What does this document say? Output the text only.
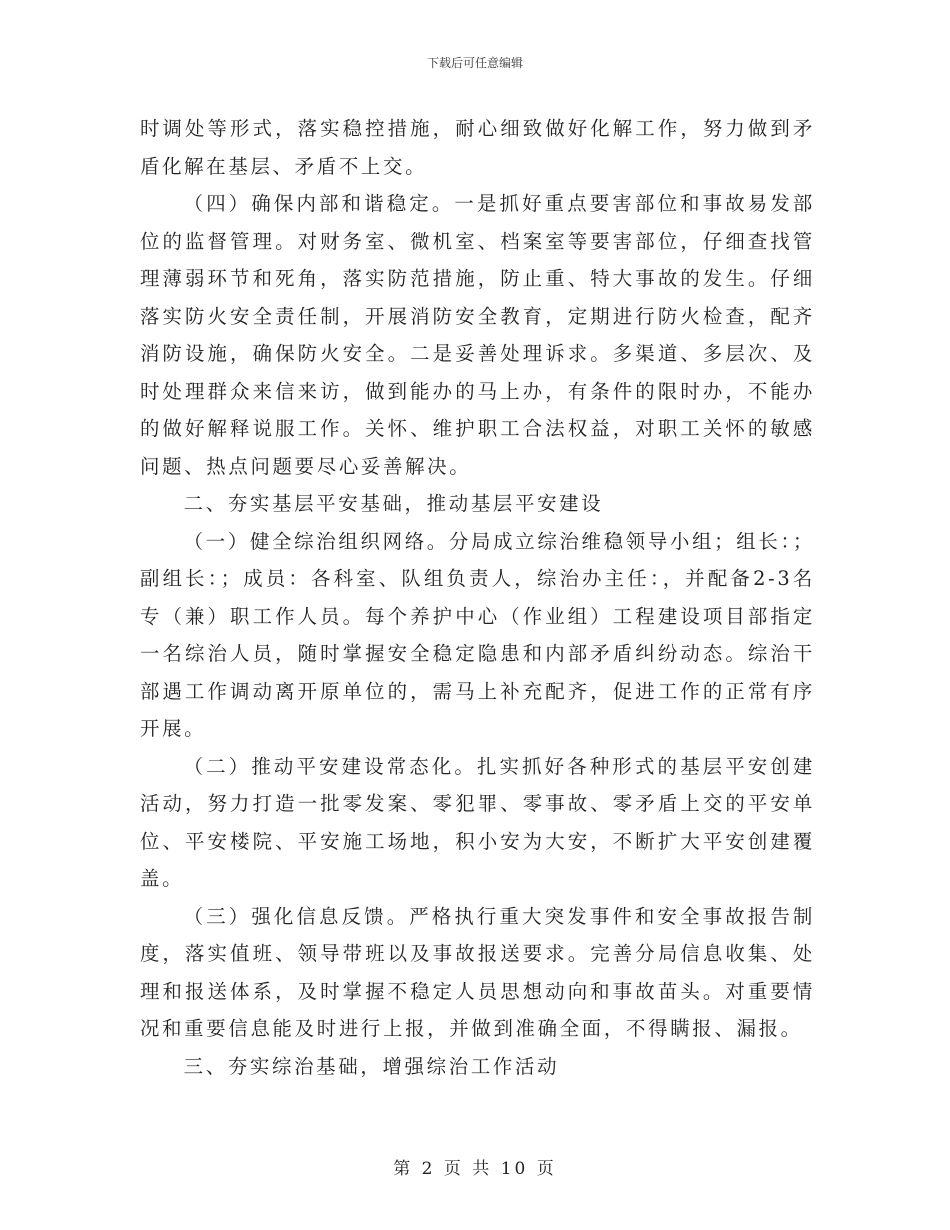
下载后可任意编辑

时调处等形式，落实稳控措施，耐心细致做好化解工作，努力做到矛盾化解在基层、矛盾不上交。

（四）确保内部和谐稳定。一是抓好重点要害部位和事故易发部位的监督管理。对财务室、微机室、档案室等要害部位，仔细查找管理薄弱环节和死角，落实防范措施，防止重、特大事故的发生。仔细落实防火安全责任制，开展消防安全教育，定期进行防火检查，配齐消防设施，确保防火安全。二是妥善处理诉求。多渠道、多层次、及时处理群众来信来访，做到能办的马上办，有条件的限时办，不能办的做好解释说服工作。关怀、维护职工合法权益，对职工关怀的敏感问题、热点问题要尽心妥善解决。

二、夯实基层平安基础，推动基层平安建设

（一）健全综治组织网络。分局成立综治维稳领导小组；组长：；副组长：；成员：各科室、队组负责人，综治办主任：，并配备2-3名专（兼）职工作人员。每个养护中心（作业组）工程建设项目部指定一名综治人员，随时掌握安全稳定隐患和内部矛盾纠纷动态。综治干部遇工作调动离开原单位的，需马上补充配齐，促进工作的正常有序开展。

（二）推动平安建设常态化。扎实抓好各种形式的基层平安创建活动，努力打造一批零发案、零犯罪、零事故、零矛盾上交的平安单位、平安楼院、平安施工场地，积小安为大安，不断扩大平安创建覆盖。

（三）强化信息反馈。严格执行重大突发事件和安全事故报告制度，落实值班、领导带班以及事故报送要求。完善分局信息收集、处理和报送体系，及时掌握不稳定人员思想动向和事故苗头。对重要情况和重要信息能及时进行上报，并做到准确全面，不得瞒报、漏报。

三、夯实综治基础，增强综治工作活动

第 2 页 共 10 页
